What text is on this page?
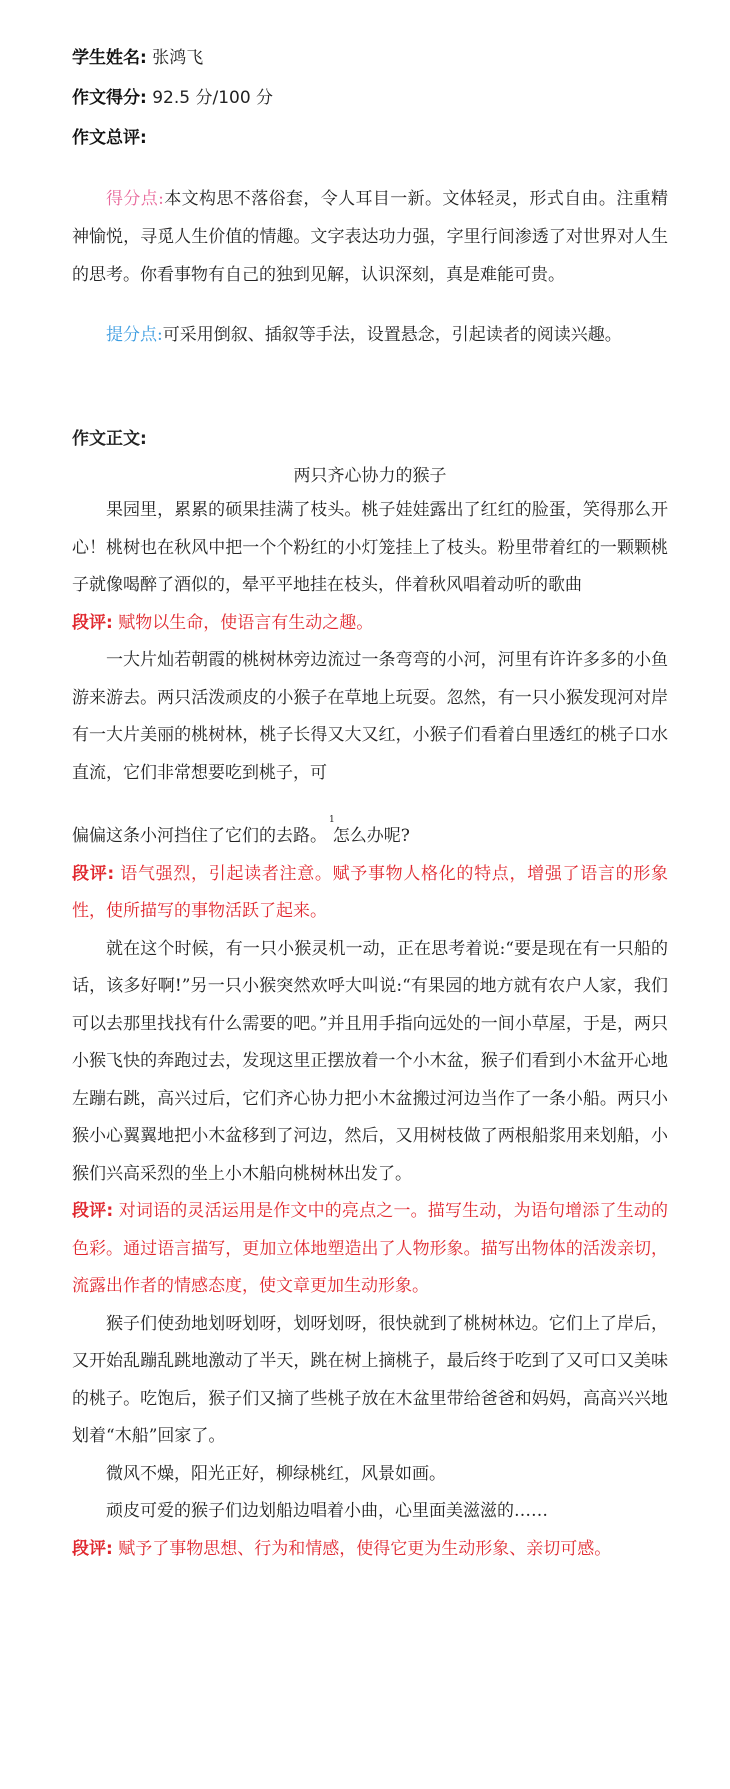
学生姓名: 张鸿飞
作文得分: 92.5 分/100 分
作文总评:

得分点:本文构思不落俗套，令人耳目一新。文体轻灵，形式自由。注重精神愉悦，寻觅人生价值的情趣。文字表达功力强，字里行间渗透了对世界对人生的思考。你看事物有自己的独到见解，认识深刻，真是难能可贵。

提分点:可采用倒叙、插叙等手法，设置悬念，引起读者的阅读兴趣。

作文正文:
两只齐心协力的猴子

果园里，累累的硕果挂满了枝头。桃子娃娃露出了红红的脸蛋，笑得那么开心！桃树也在秋风中把一个个粉红的小灯笼挂上了枝头。粉里带着红的一颗颗桃子就像喝醉了酒似的，晕平平地挂在枝头，伴着秋风唱着动听的歌曲

段评: 赋物以生命，使语言有生动之趣。

一大片灿若朝霞的桃树林旁边流过一条弯弯的小河，河里有许许多多的小鱼游来游去。两只活泼顽皮的小猴子在草地上玩耍。忽然，有一只小猴发现河对岸有一大片美丽的桃树林，桃子长得又大又红，小猴子们看着白里透红的桃子口水直流，它们非常想要吃到桃子，可

偏偏这条小河挡住了它们的去路。$^1$怎么办呢?

段评: 语气强烈，引起读者注意。赋予事物人格化的特点，增强了语言的形象性，使所描写的事物活跃了起来。

就在这个时候，有一只小猴灵机一动，正在思考着说:“要是现在有一只船的话，该多好啊!”另一只小猴突然欢呼大叫说:“有果园的地方就有农户人家，我们可以去那里找找有什么需要的吧。”并且用手指向远处的一间小草屋，于是，两只小猴飞快的奔跑过去，发现这里正摆放着一个小木盆，猴子们看到小木盆开心地左蹦右跳，高兴过后，它们齐心协力把小木盆搬过河边当作了一条小船。两只小猴小心翼翼地把小木盆移到了河边，然后，又用树枝做了两根船浆用来划船，小猴们兴高采烈的坐上小木船向桃树林出发了。

段评: 对词语的灵活运用是作文中的亮点之一。描写生动，为语句增添了生动的色彩。通过语言描写，更加立体地塑造出了人物形象。描写出物体的活泼亲切，流露出作者的情感态度，使文章更加生动形象。

猴子们使劲地划呀划呀，划呀划呀，很快就到了桃树林边。它们上了岸后，又开始乱蹦乱跳地激动了半天，跳在树上摘桃子，最后终于吃到了又可口又美味的桃子。吃饱后，猴子们又摘了些桃子放在木盆里带给爸爸和妈妈，高高兴兴地划着“木船”回家了。

微风不燥，阳光正好，柳绿桃红，风景如画。

顽皮可爱的猴子们边划船边唱着小曲，心里面美滋滋的……

段评: 赋予了事物思想、行为和情感，使得它更为生动形象、亲切可感。
